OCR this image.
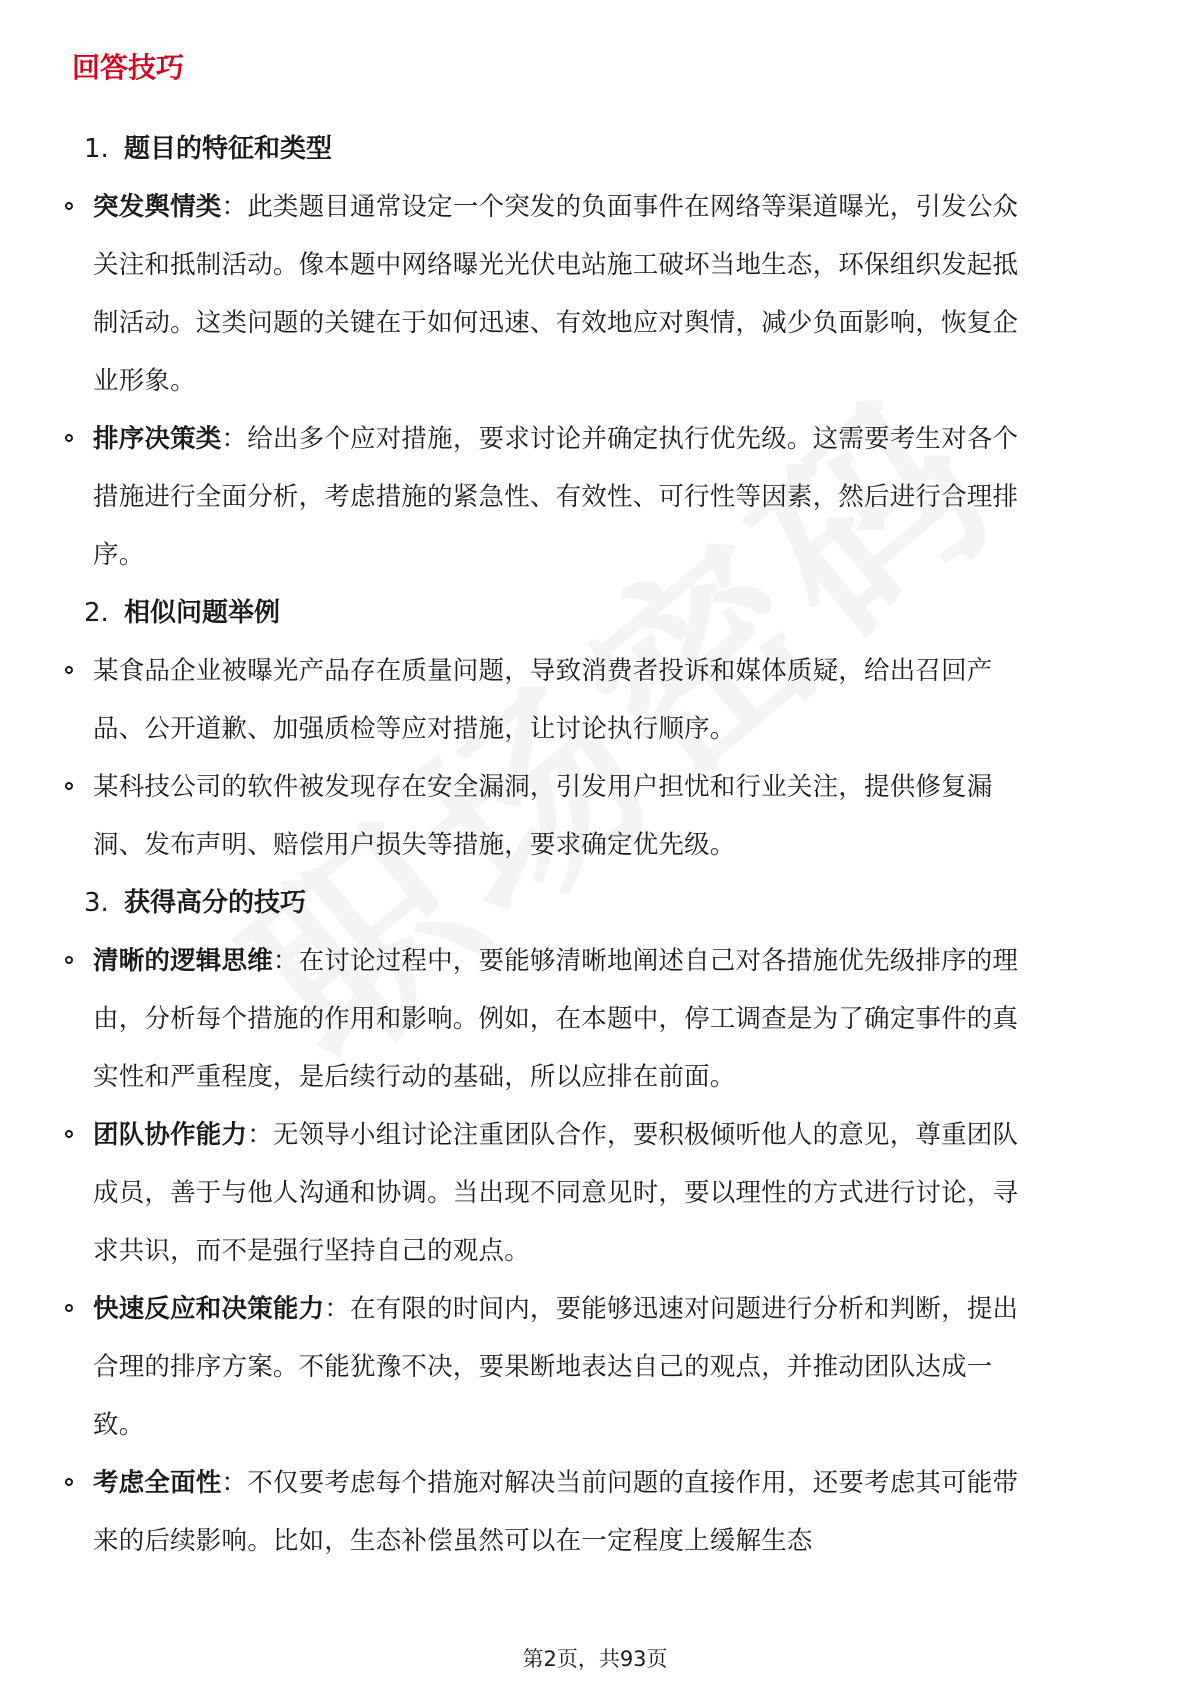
回答技巧
1. 题目的特征和类型
突发舆情类：此类题目通常设定一个突发的负面事件在网络等渠道曝光，引发公众关注和抵制活动。像本题中网络曝光光伏电站施工破坏当地生态，环保组织发起抵制活动。这类问题的关键在于如何迅速、有效地应对舆情，减少负面影响，恢复企业形象。
排序决策类：给出多个应对措施，要求讨论并确定执行优先级。这需要考生对各个措施进行全面分析，考虑措施的紧急性、有效性、可行性等因素，然后进行合理排序。
2. 相似问题举例
某食品企业被曝光产品存在质量问题，导致消费者投诉和媒体质疑，给出召回产品、公开道歉、加强质检等应对措施，让讨论执行顺序。
某科技公司的软件被发现存在安全漏洞，引发用户担忧和行业关注，提供修复漏洞、发布声明、赔偿用户损失等措施，要求确定优先级。
3. 获得高分的技巧
清晰的逻辑思维：在讨论过程中，要能够清晰地阐述自己对各措施优先级排序的理由，分析每个措施的作用和影响。例如，在本题中，停工调查是为了确定事件的真实性和严重程度，是后续行动的基础，所以应排在前面。
团队协作能力：无领导小组讨论注重团队合作，要积极倾听他人的意见，尊重团队成员，善于与他人沟通和协调。当出现不同意见时，要以理性的方式进行讨论，寻求共识，而不是强行坚持自己的观点。
快速反应和决策能力：在有限的时间内，要能够迅速对问题进行分析和判断，提出合理的排序方案。不能犹豫不决，要果断地表达自己的观点，并推动团队达成一致。
考虑全面性：不仅要考虑每个措施对解决当前问题的直接作用，还要考虑其可能带来的后续影响。比如，生态补偿虽然可以在一定程度上缓解生态
第2页，共93页
